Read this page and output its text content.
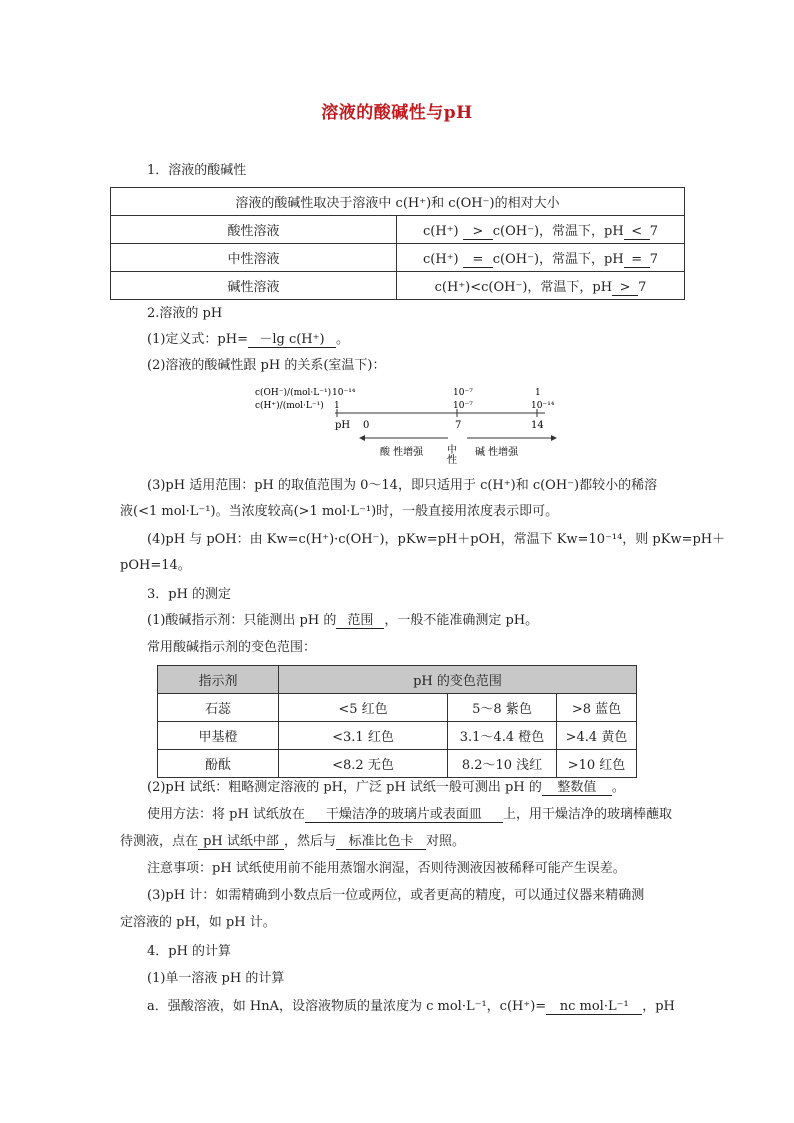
溶液的酸碱性与pH
1．溶液的酸碱性
溶液的酸碱性取决于溶液中 c(H⁺)和 c(OH⁻)的相对大小	
酸性溶液	c(H⁺) > c(OH⁻)，常温下，pH < 7
中性溶液	c(H⁺) = c(OH⁻)，常温下，pH = 7
碱性溶液	c(H⁺)<c(OH⁻)，常温下，pH > 7
2.溶液的 pH
(1)定义式：pH= －lg c(H⁺) 。
(2)溶液的酸碱性跟 pH 的关系(室温下)：
c(OH⁻)/(mol·L⁻¹)
c(H⁺)/(mol·L⁻¹)
pH
10⁻¹⁴
1
0
10⁻⁷
10⁻⁷
7
1
10⁻¹⁴
14
酸 性增强 中性 碱 性增强
(3)pH 适用范围：pH 的取值范围为 0～14，即只适用于 c(H⁺)和 c(OH⁻)都较小的稀溶
液(<1 mol·L⁻¹)。当浓度较高(>1 mol·L⁻¹)时，一般直接用浓度表示即可。
(4)pH 与 pOH：由 Kw=c(H⁺)·c(OH⁻)，pKw=pH＋pOH，常温下 Kw=10⁻¹⁴，则 pKw=pH＋
pOH=14。
3．pH 的测定
(1)酸碱指示剂：只能测出 pH 的 范围 ，一般不能准确测定 pH。
常用酸碱指示剂的变色范围：
指示剂	pH 的变色范围		
石蕊	<5 红色	5～8 紫色	>8 蓝色
甲基橙	<3.1 红色	3.1～4.4 橙色	>4.4 黄色
酚酞	<8.2 无色	8.2～10 浅红	>10 红色
(2)pH 试纸：粗略测定溶液的 pH，广泛 pH 试纸一般可测出 pH 的 整数值 。
使用方法：将 pH 试纸放在 干燥洁净的玻璃片或表面皿 上，用干燥洁净的玻璃棒蘸取
待测液，点在 pH 试纸中部 ，然后与 标准比色卡 对照。
注意事项：pH 试纸使用前不能用蒸馏水润湿，否则待测液因被稀释可能产生误差。
(3)pH 计：如需精确到小数点后一位或两位，或者更高的精度，可以通过仪器来精确测
定溶液的 pH，如 pH 计。
4．pH 的计算
(1)单一溶液 pH 的计算
a．强酸溶液，如 HnA，设溶液物质的量浓度为 c mol·L⁻¹，c(H⁺)= nc mol·L⁻¹ ，pH
